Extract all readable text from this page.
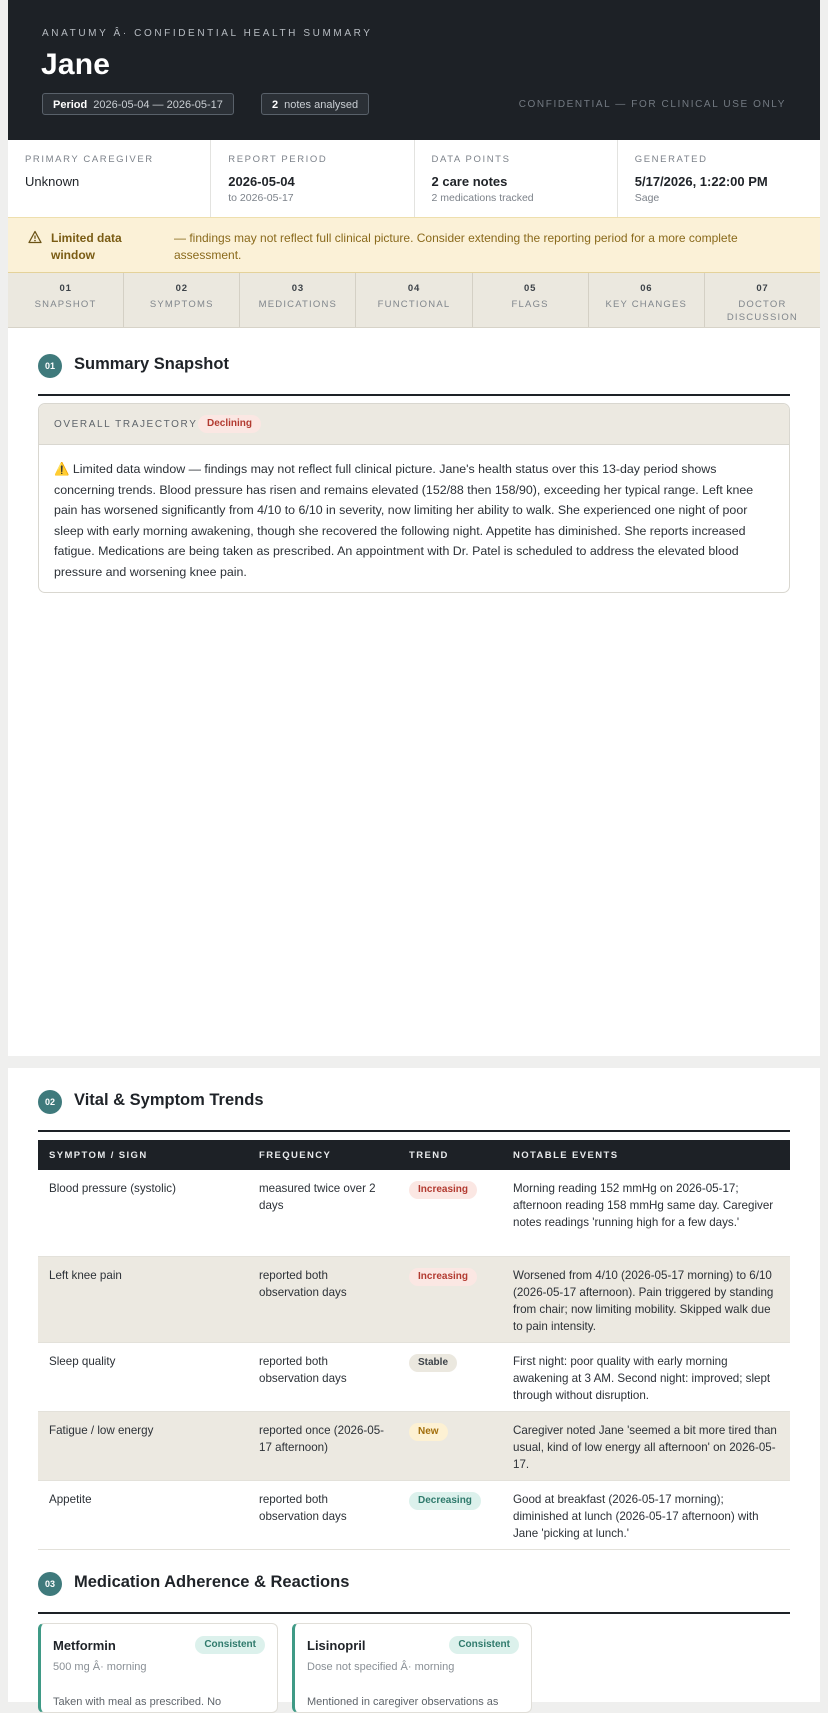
ANATUMY Â· CONFIDENTIAL HEALTH SUMMARY
Jane
Period 2026-05-04 — 2026-05-17	2 notes analysed	CONFIDENTIAL — FOR CLINICAL USE ONLY
PRIMARY CAREGIVER
Unknown
REPORT PERIOD
2026-05-04
to 2026-05-17
DATA POINTS
2 care notes
2 medications tracked
GENERATED
5/17/2026, 1:22:00 PM
Sage
Limited data window
— findings may not reflect full clinical picture. Consider extending the reporting period for a more complete assessment.
01
SNAPSHOT
02
SYMPTOMS
03
MEDICATIONS
04
FUNCTIONAL
05
FLAGS
06
KEY CHANGES
07
DOCTOR DISCUSSION
01	Summary Snapshot
OVERALL TRAJECTORY Declining
⚠️ Limited data window — findings may not reflect full clinical picture. Jane's health status over this 13-day period shows concerning trends. Blood pressure has risen and remains elevated (152/88 then 158/90), exceeding her typical range. Left knee pain has worsened significantly from 4/10 to 6/10 in severity, now limiting her ability to walk. She experienced one night of poor sleep with early morning awakening, though she recovered the following night. Appetite has diminished. She reports increased fatigue. Medications are being taken as prescribed. An appointment with Dr. Patel is scheduled to address the elevated blood pressure and worsening knee pain.
02	Vital & Symptom Trends
SYMPTOM / SIGN	FREQUENCY	TREND	NOTABLE EVENTS
Blood pressure (systolic)	measured twice over 2 days	Increasing	Morning reading 152 mmHg on 2026-05-17; afternoon reading 158 mmHg same day. Caregiver notes readings 'running high for a few days.'
Left knee pain	reported both observation days	Increasing	Worsened from 4/10 (2026-05-17 morning) to 6/10 (2026-05-17 afternoon). Pain triggered by standing from chair; now limiting mobility. Skipped walk due to pain intensity.
Sleep quality	reported both observation days	Stable	First night: poor quality with early morning awakening at 3 AM. Second night: improved; slept through without disruption.
Fatigue / low energy	reported once (2026-05-17 afternoon)	New	Caregiver noted Jane 'seemed a bit more tired than usual, kind of low energy all afternoon' on 2026-05-17.
Appetite	reported both observation days	Decreasing	Good at breakfast (2026-05-17 morning); diminished at lunch (2026-05-17 afternoon) with Jane 'picking at lunch.'
03	Medication Adherence & Reactions
Metformin	Consistent
500 mg Â· morning
Taken with meal as prescribed. No
Lisinopril	Consistent
Dose not specified Â· morning
Mentioned in caregiver observations as
